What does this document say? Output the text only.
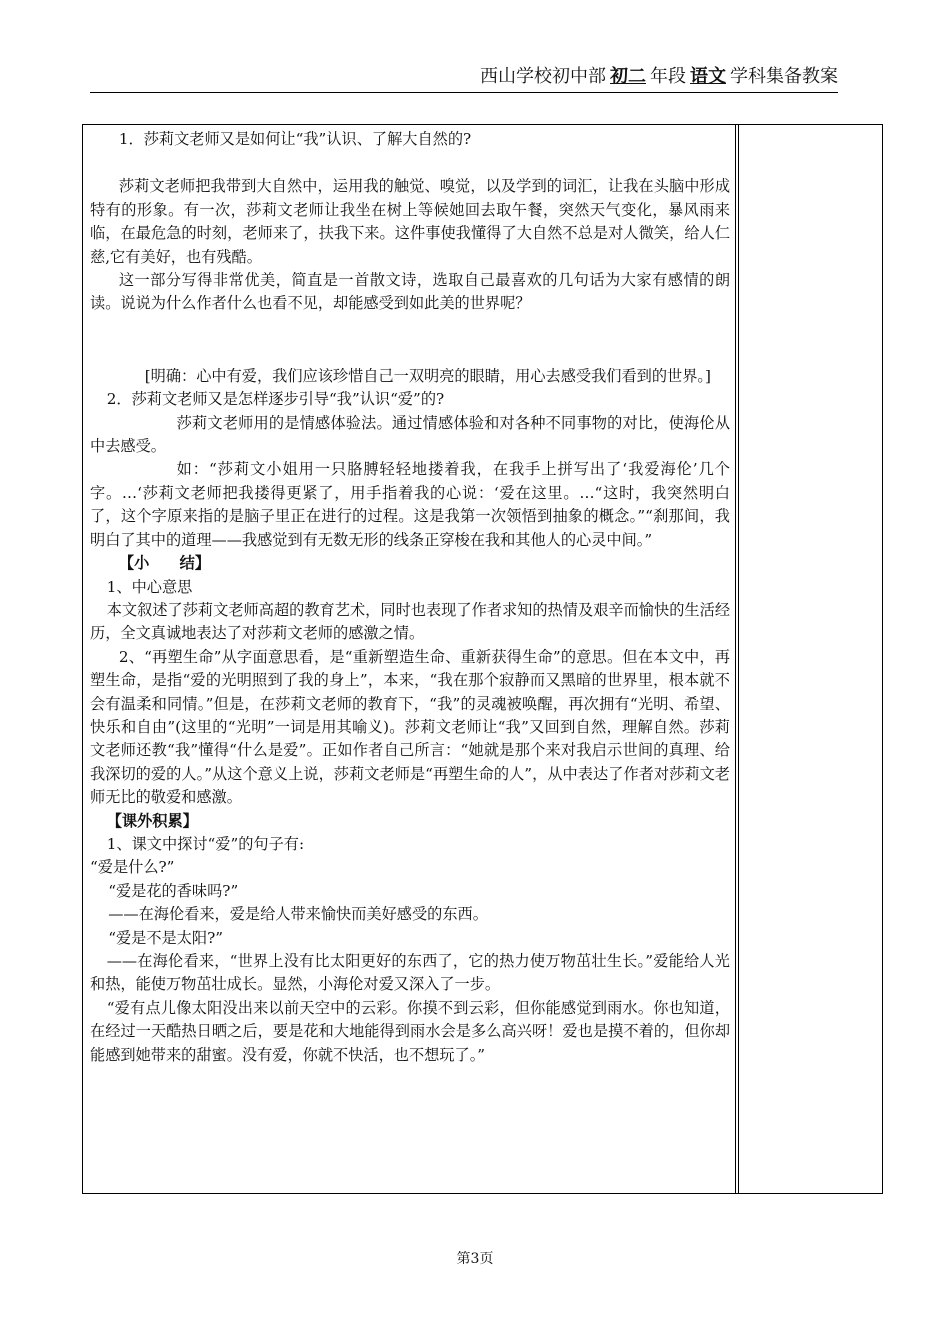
西山学校初中部 初二 年段 语文 学科集备教案

1．莎莉文老师又是如何让“我”认识、了解大自然的?

莎莉文老师把我带到大自然中，运用我的触觉、嗅觉，以及学到的词汇，让我在头脑中形成特有的形象。有一次，莎莉文老师让我坐在树上等候她回去取午餐，突然天气变化，暴风雨来临，在最危急的时刻，老师来了，扶我下来。这件事使我懂得了大自然不总是对人微笑，给人仁慈,它有美好，也有残酷。

这一部分写得非常优美，简直是一首散文诗，选取自己最喜欢的几句话为大家有感情的朗读。说说为什么作者什么也看不见，却能感受到如此美的世界呢？

[明确：心中有爱，我们应该珍惜自己一双明亮的眼睛，用心去感受我们看到的世界。]

2．莎莉文老师又是怎样逐步引导“我”认识“爱”的?

莎莉文老师用的是情感体验法。通过情感体验和对各种不同事物的对比，使海伦从中去感受。

如：“莎莉文小姐用一只胳膊轻轻地搂着我，在我手上拼写出了‘我爱海伦’几个字。…‘莎莉文老师把我搂得更紧了，用手指着我的心说：‘爱在这里。…“这时，我突然明白了，这个字原来指的是脑子里正在进行的过程。这是我第一次领悟到抽象的概念。”“刹那间，我明白了其中的道理——我感觉到有无数无形的线条正穿梭在我和其他人的心灵中间。”

【小　　结】

1、中心意思

本文叙述了莎莉文老师高超的教育艺术，同时也表现了作者求知的热情及艰辛而愉快的生活经历，全文真诚地表达了对莎莉文老师的感激之情。

2、“再塑生命”从字面意思看，是“重新塑造生命、重新获得生命”的意思。但在本文中，再塑生命，是指“爱的光明照到了我的身上”，本来，“我在那个寂静而又黑暗的世界里，根本就不会有温柔和同情。”但是，在莎莉文老师的教育下，“我”的灵魂被唤醒，再次拥有“光明、希望、快乐和自由”(这里的“光明”一词是用其喻义)。莎莉文老师让“我”又回到自然，理解自然。莎莉文老师还教“我”懂得“什么是爱”。正如作者自己所言：“她就是那个来对我启示世间的真理、给我深切的爱的人。”从这个意义上说，莎莉文老师是“再塑生命的人”，从中表达了作者对莎莉文老师无比的敬爱和感激。

【课外积累】

1、课文中探讨“爱”的句子有:

“爱是什么?”

“爱是花的香味吗?”

——在海伦看来，爱是给人带来愉快而美好感受的东西。

“爱是不是太阳?”

——在海伦看来，“世界上没有比太阳更好的东西了，它的热力使万物茁壮生长。”爱能给人光和热，能使万物茁壮成长。显然，小海伦对爱又深入了一步。

“爱有点儿像太阳没出来以前天空中的云彩。你摸不到云彩，但你能感觉到雨水。你也知道，在经过一天酷热日晒之后，要是花和大地能得到雨水会是多么高兴呀！爱也是摸不着的，但你却能感到她带来的甜蜜。没有爱，你就不快活，也不想玩了。”

第3页
